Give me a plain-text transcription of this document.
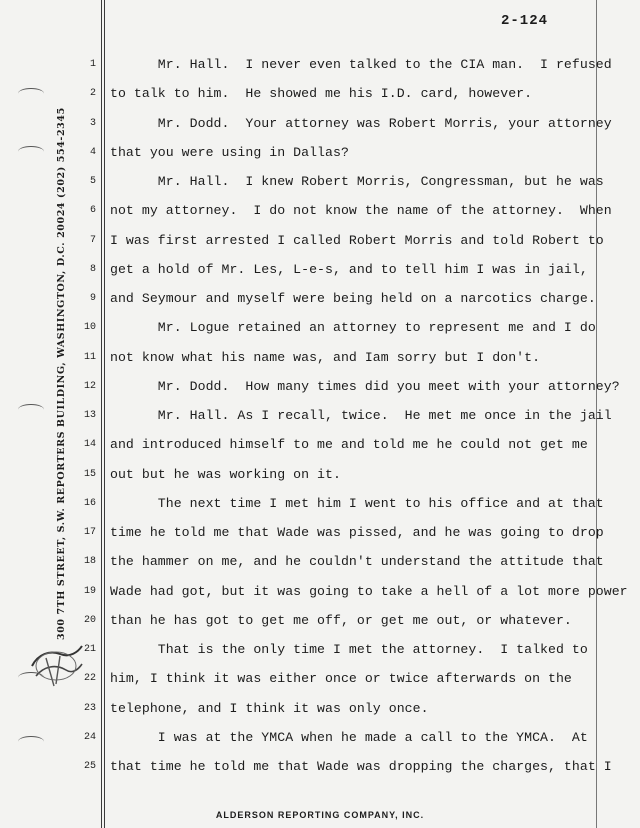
2-124
300 7TH STREET, S.W. REPORTERS BUILDING, WASHINGTON, D.C. 20024 (202) 554-2345
1
2
3
4
5
6
7
8
9
10
11
12
13
14
15
16
17
18
19
20
21
22
23
24
25
Mr. Hall.  I never even talked to the CIA man.  I refused
to talk to him.  He showed me his I.D. card, however.
Mr. Dodd.  Your attorney was Robert Morris, your attorney
that you were using in Dallas?
Mr. Hall.  I knew Robert Morris, Congressman, but he was
not my attorney.  I do not know the name of the attorney.  When
I was first arrested I called Robert Morris and told Robert to
get a hold of Mr. Les, L-e-s, and to tell him I was in jail,
and Seymour and myself were being held on a narcotics charge.
Mr. Logue retained an attorney to represent me and I do
not know what his name was, and Iam sorry but I don't.
Mr. Dodd.  How many times did you meet with your attorney?
Mr. Hall. As I recall, twice.  He met me once in the jail
and introduced himself to me and told me he could not get me
out but he was working on it.
The next time I met him I went to his office and at that
time he told me that Wade was pissed, and he was going to drop
the hammer on me, and he couldn't understand the attitude that
Wade had got, but it was going to take a hell of a lot more power
than he has got to get me off, or get me out, or whatever.
That is the only time I met the attorney.  I talked to
him, I think it was either once or twice afterwards on the
telephone, and I think it was only once.
I was at the YMCA when he made a call to the YMCA.  At
that time he told me that Wade was dropping the charges, that I
ALDERSON REPORTING COMPANY, INC.
